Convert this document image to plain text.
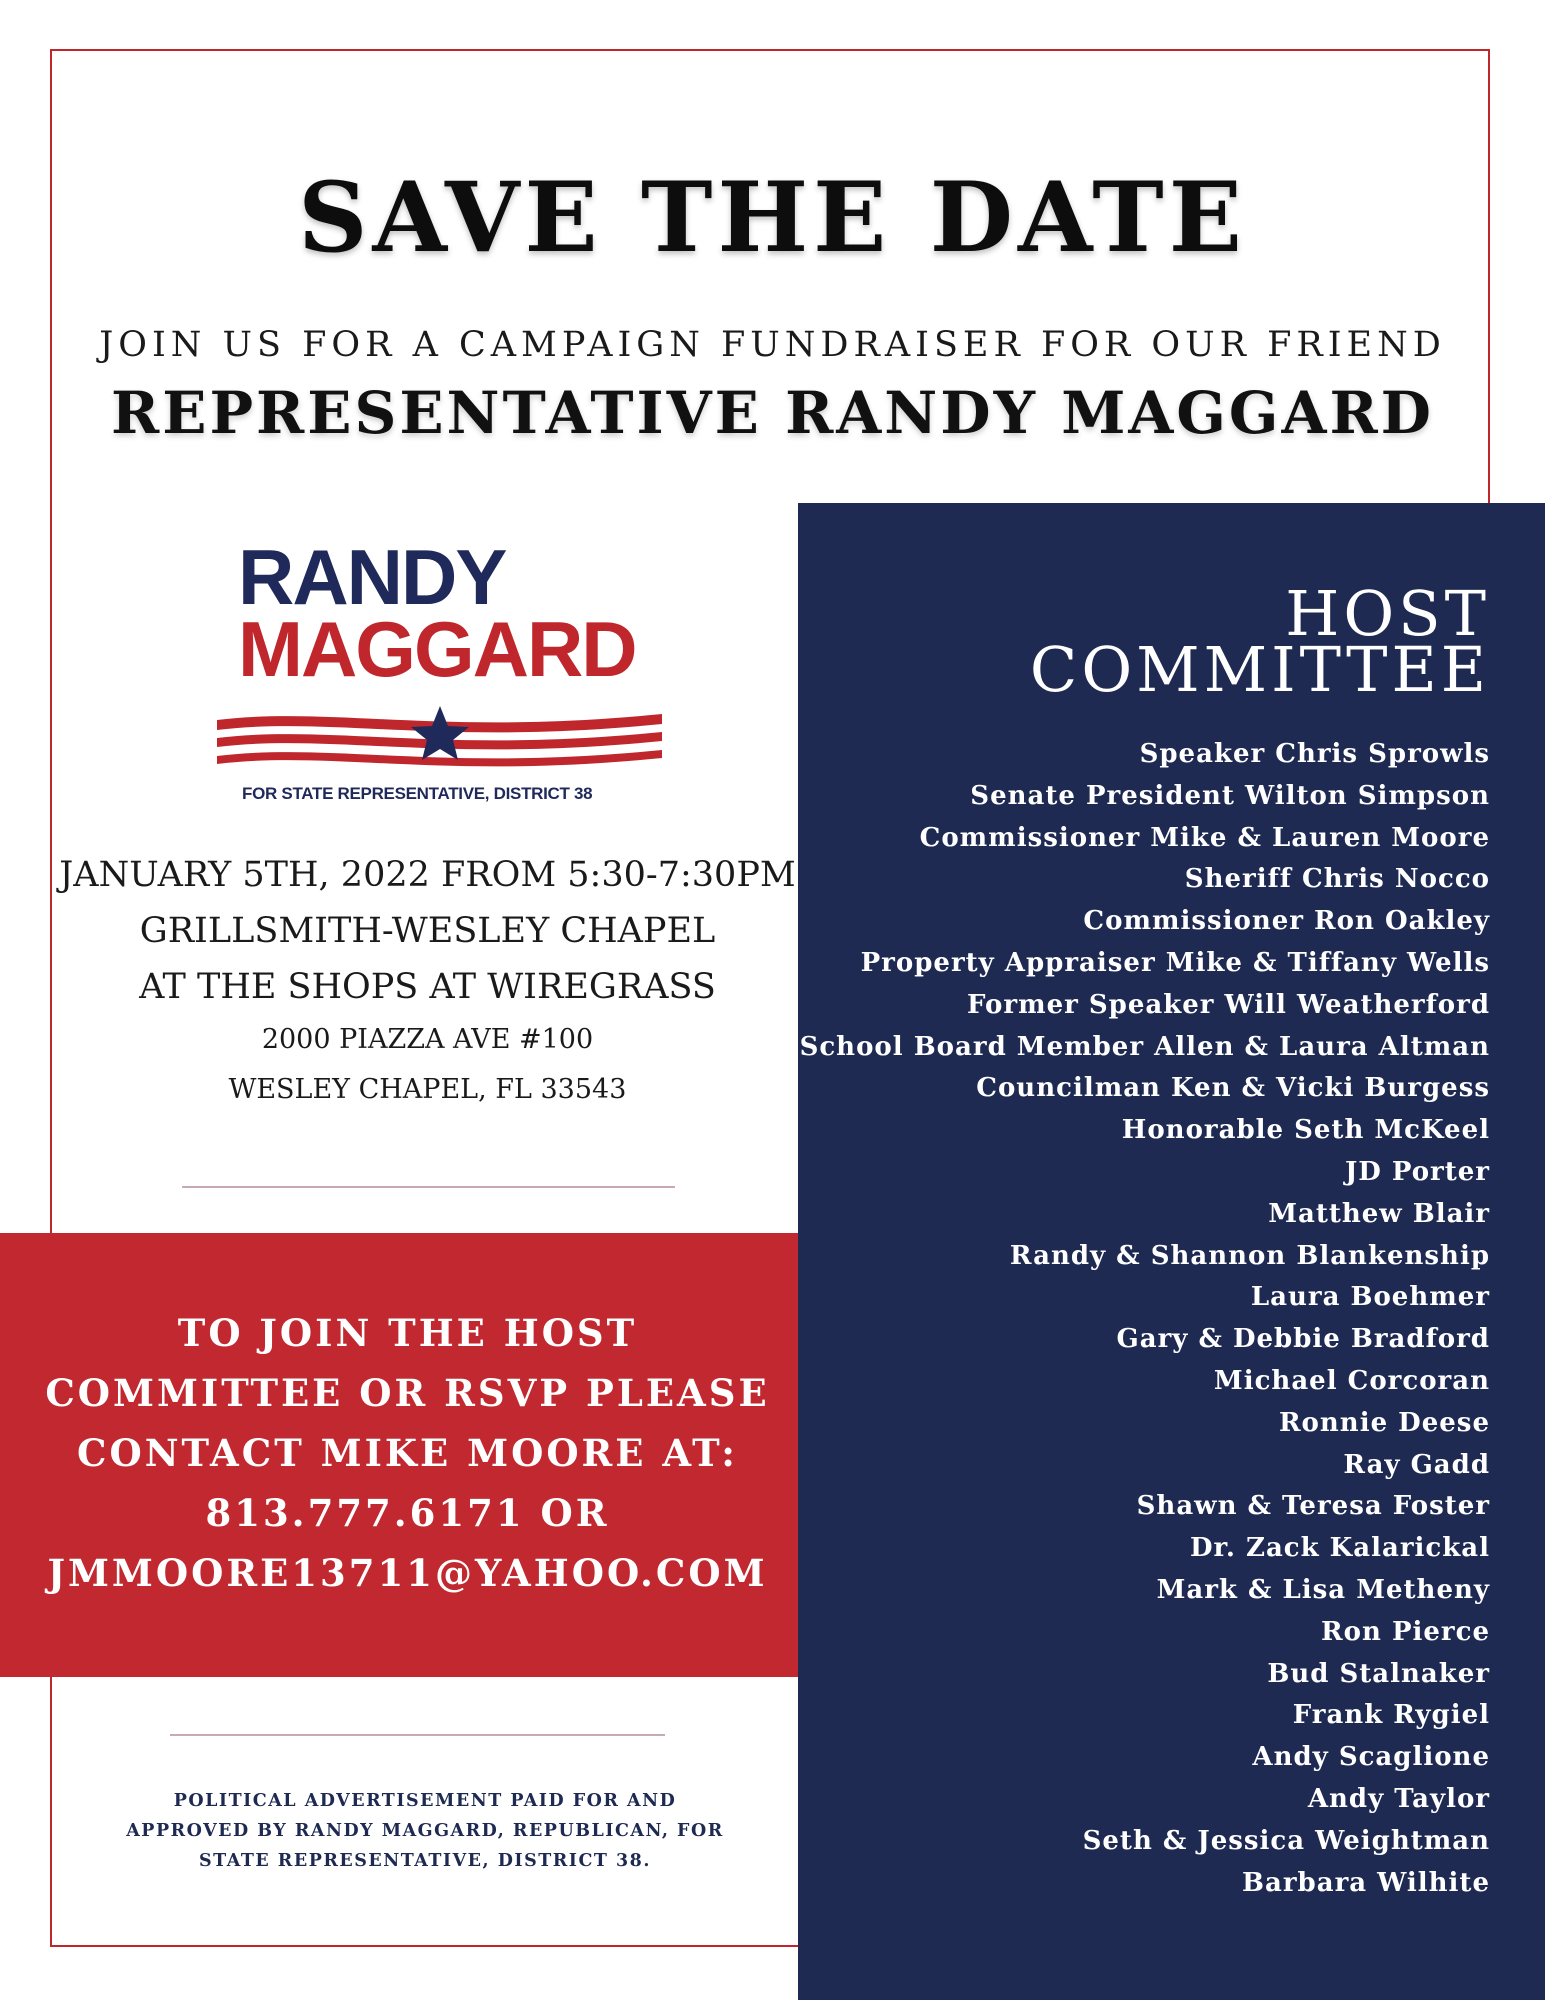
SAVE THE DATE
JOIN US FOR A CAMPAIGN FUNDRAISER FOR OUR FRIEND
REPRESENTATIVE RANDY MAGGARD
RANDY
MAGGARD
FOR STATE REPRESENTATIVE, DISTRICT 38
JANUARY 5TH, 2022 FROM 5:30-7:30PM
GRILLSMITH-WESLEY CHAPEL
AT THE SHOPS AT WIREGRASS
2000 PIAZZA AVE #100
WESLEY CHAPEL, FL 33543
TO JOIN THE HOST
COMMITTEE OR RSVP PLEASE
CONTACT MIKE MOORE AT:
813.777.6171 OR
JMMOORE13711@YAHOO.COM
POLITICAL ADVERTISEMENT PAID FOR AND
APPROVED BY RANDY MAGGARD, REPUBLICAN, FOR
STATE REPRESENTATIVE, DISTRICT 38.
HOST
COMMITTEE
Speaker Chris Sprowls
Senate President Wilton Simpson
Commissioner Mike & Lauren Moore
Sheriff Chris Nocco
Commissioner Ron Oakley
Property Appraiser Mike & Tiffany Wells
Former Speaker Will Weatherford
School Board Member Allen & Laura Altman
Councilman Ken & Vicki Burgess
Honorable Seth McKeel
JD Porter
Matthew Blair
Randy & Shannon Blankenship
Laura Boehmer
Gary & Debbie Bradford
Michael Corcoran
Ronnie Deese
Ray Gadd
Shawn & Teresa Foster
Dr. Zack Kalarickal
Mark & Lisa Metheny
Ron Pierce
Bud Stalnaker
Frank Rygiel
Andy Scaglione
Andy Taylor
Seth & Jessica Weightman
Barbara Wilhite
